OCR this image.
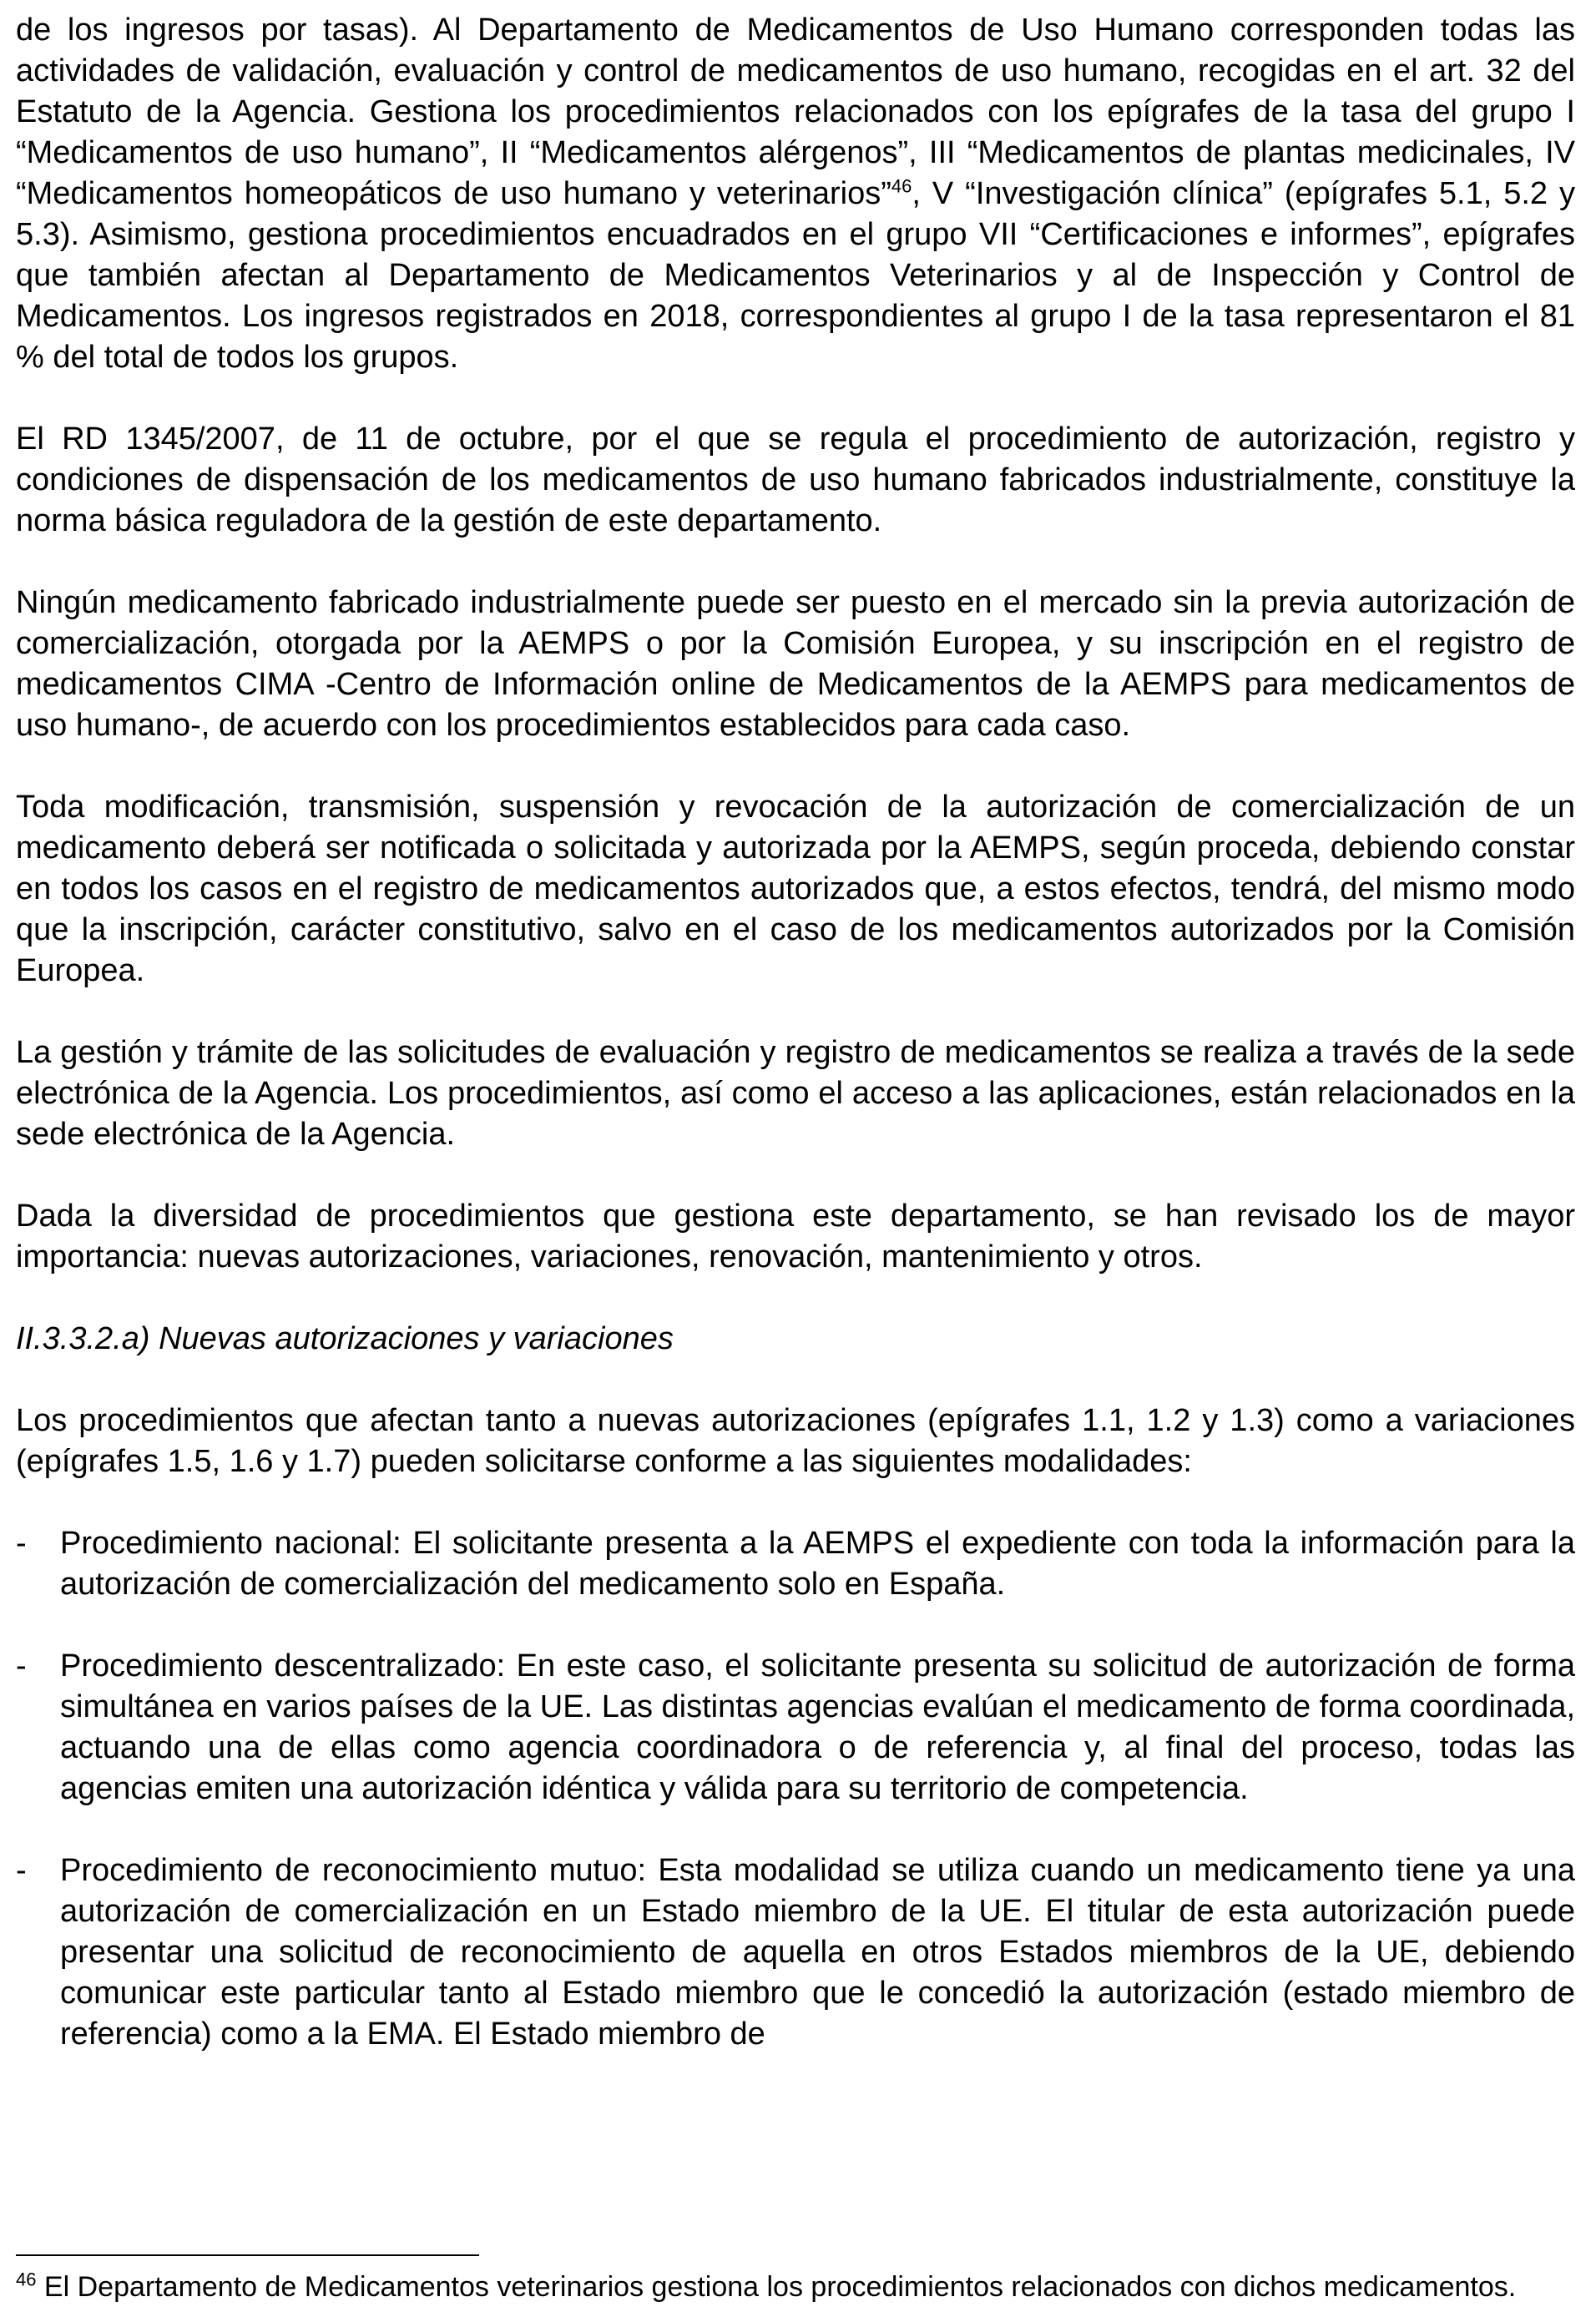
de los ingresos por tasas). Al Departamento de Medicamentos de Uso Humano corresponden todas las actividades de validación, evaluación y control de medicamentos de uso humano, recogidas en el art. 32 del Estatuto de la Agencia. Gestiona los procedimientos relacionados con los epígrafes de la tasa del grupo I “Medicamentos de uso humano”, II “Medicamentos alérgenos”, III “Medicamentos de plantas medicinales, IV “Medicamentos homeopáticos de uso humano y veterinarios”$^{46}$, V “Investigación clínica” (epígrafes 5.1, 5.2 y 5.3). Asimismo, gestiona procedimientos encuadrados en el grupo VII “Certificaciones e informes”, epígrafes que también afectan al Departamento de Medicamentos Veterinarios y al de Inspección y Control de Medicamentos. Los ingresos registrados en 2018, correspondientes al grupo I de la tasa representaron el 81 % del total de todos los grupos.

El RD 1345/2007, de 11 de octubre, por el que se regula el procedimiento de autorización, registro y condiciones de dispensación de los medicamentos de uso humano fabricados industrialmente, constituye la norma básica reguladora de la gestión de este departamento.

Ningún medicamento fabricado industrialmente puede ser puesto en el mercado sin la previa autorización de comercialización, otorgada por la AEMPS o por la Comisión Europea, y su inscripción en el registro de medicamentos CIMA -Centro de Información online de Medicamentos de la AEMPS para medicamentos de uso humano-, de acuerdo con los procedimientos establecidos para cada caso.

Toda modificación, transmisión, suspensión y revocación de la autorización de comercialización de un medicamento deberá ser notificada o solicitada y autorizada por la AEMPS, según proceda, debiendo constar en todos los casos en el registro de medicamentos autorizados que, a estos efectos, tendrá, del mismo modo que la inscripción, carácter constitutivo, salvo en el caso de los medicamentos autorizados por la Comisión Europea.

La gestión y trámite de las solicitudes de evaluación y registro de medicamentos se realiza a través de la sede electrónica de la Agencia. Los procedimientos, así como el acceso a las aplicaciones, están relacionados en la sede electrónica de la Agencia.

Dada la diversidad de procedimientos que gestiona este departamento, se han revisado los de mayor importancia: nuevas autorizaciones, variaciones, renovación, mantenimiento y otros.

II.3.3.2.a) Nuevas autorizaciones y variaciones

Los procedimientos que afectan tanto a nuevas autorizaciones (epígrafes 1.1, 1.2 y 1.3) como a variaciones (epígrafes 1.5, 1.6 y 1.7) pueden solicitarse conforme a las siguientes modalidades:

-	Procedimiento nacional: El solicitante presenta a la AEMPS el expediente con toda la información para la autorización de comercialización del medicamento solo en España.
-	Procedimiento descentralizado: En este caso, el solicitante presenta su solicitud de autorización de forma simultánea en varios países de la UE. Las distintas agencias evalúan el medicamento de forma coordinada, actuando una de ellas como agencia coordinadora o de referencia y, al final del proceso, todas las agencias emiten una autorización idéntica y válida para su territorio de competencia.
-	Procedimiento de reconocimiento mutuo: Esta modalidad se utiliza cuando un medicamento tiene ya una autorización de comercialización en un Estado miembro de la UE. El titular de esta autorización puede presentar una solicitud de reconocimiento de aquella en otros Estados miembros de la UE, debiendo comunicar este particular tanto al Estado miembro que le concedió la autorización (estado miembro de referencia) como a la EMA. El Estado miembro de
$^{46}$ El Departamento de Medicamentos veterinarios gestiona los procedimientos relacionados con dichos medicamentos.
